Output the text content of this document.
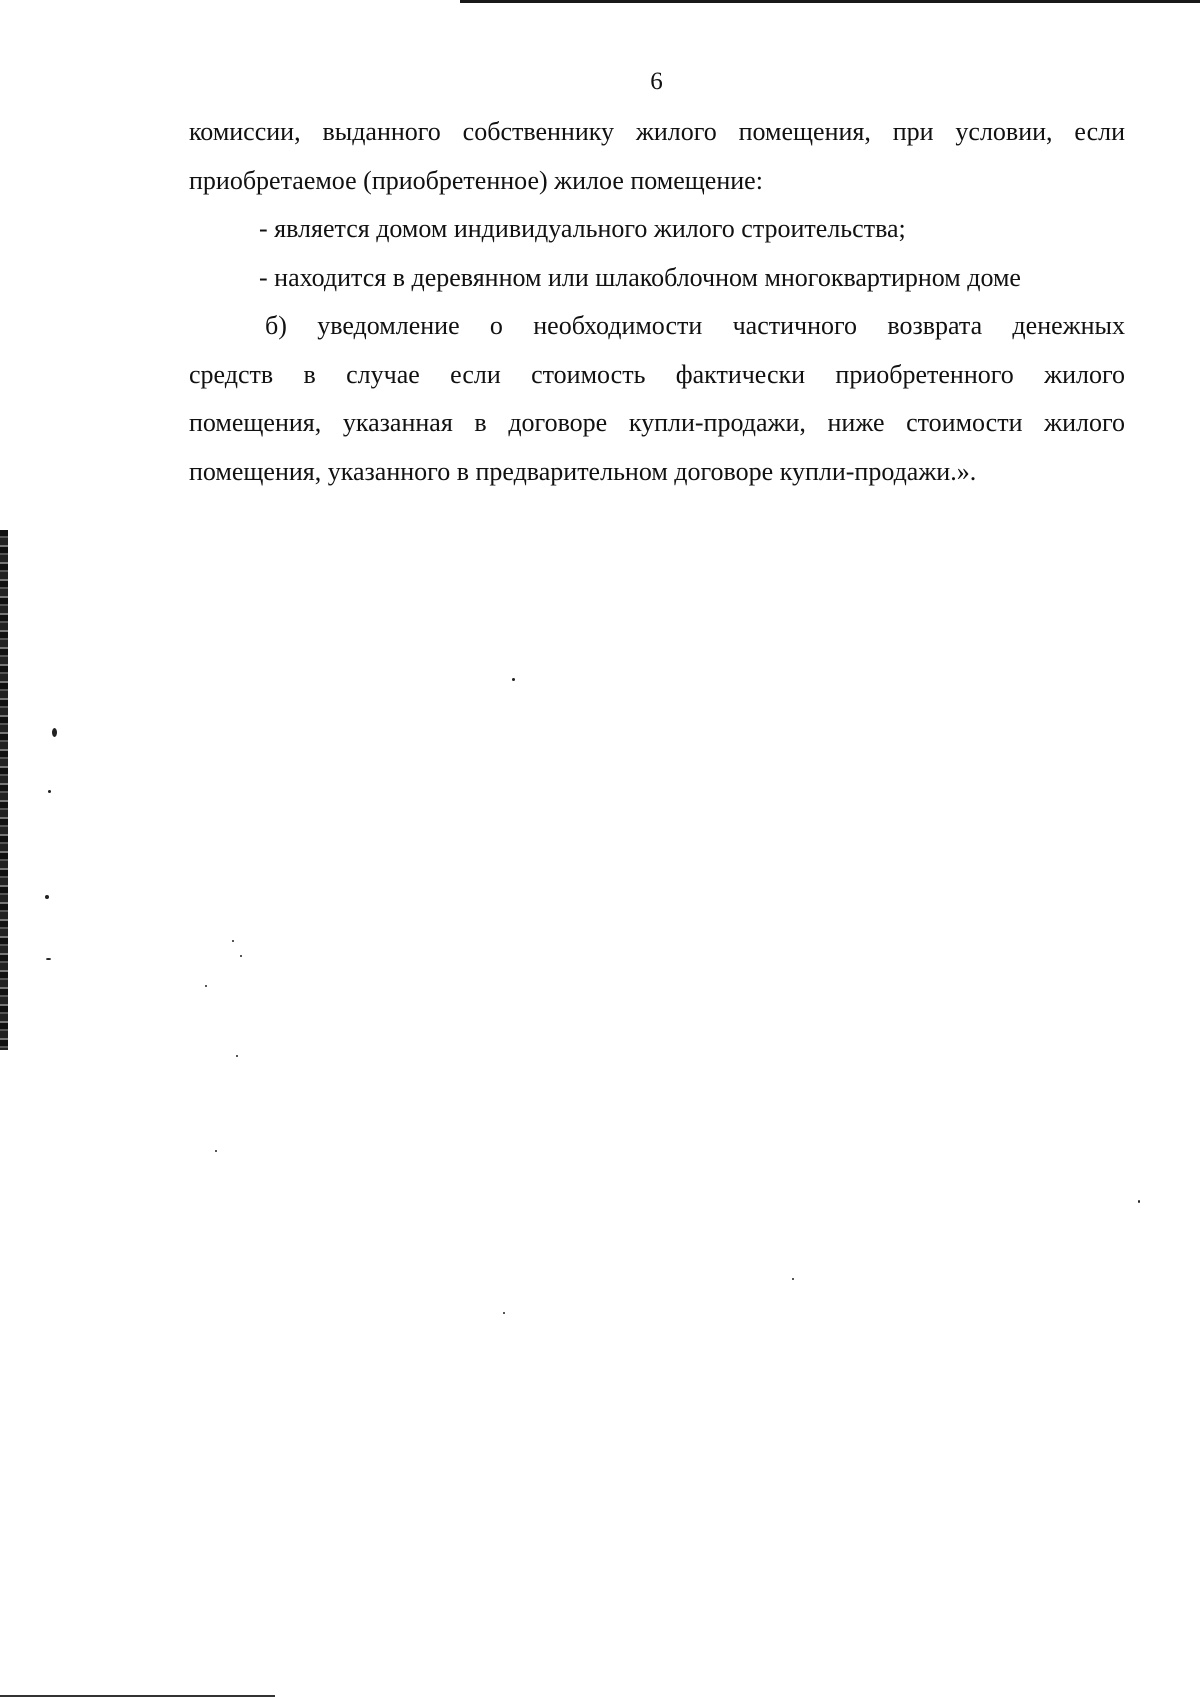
6

комиссии, выданного собственнику жилого помещения, при условии, если

приобретаемое (приобретенное) жилое помещение:

- является домом индивидуального жилого строительства;

- находится в деревянном или шлакоблочном многоквартирном доме

б) уведомление о необходимости частичного возврата денежных

средств в случае если стоимость фактически приобретенного жилого

помещения, указанная в договоре купли-продажи, ниже стоимости жилого

помещения, указанного в предварительном договоре купли-продажи.».
